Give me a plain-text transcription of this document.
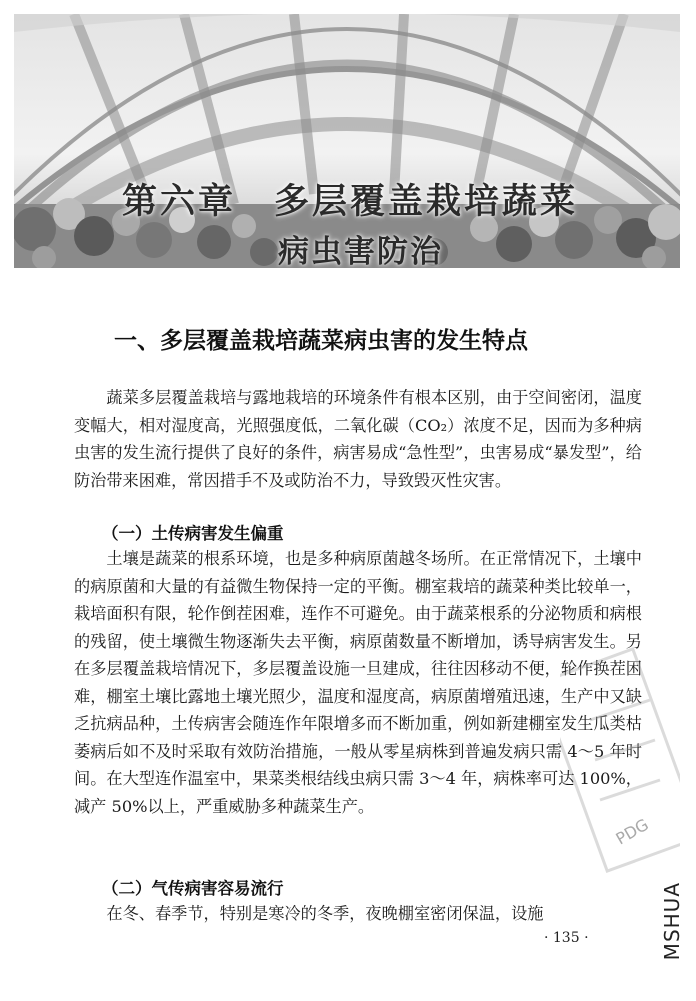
第六章　多层覆盖栽培蔬菜
病虫害防治
一、多层覆盖栽培蔬菜病虫害的发生特点

蔬菜多层覆盖栽培与露地栽培的环境条件有根本区别，由于空间密闭，温度变幅大，相对湿度高，光照强度低，二氧化碳（CO₂）浓度不足，因而为多种病虫害的发生流行提供了良好的条件，病害易成“急性型”，虫害易成“暴发型”，给防治带来困难，常因措手不及或防治不力，导致毁灭性灾害。

（一）土传病害发生偏重

土壤是蔬菜的根系环境，也是多种病原菌越冬场所。在正常情况下，土壤中的病原菌和大量的有益微生物保持一定的平衡。棚室栽培的蔬菜种类比较单一，栽培面积有限，轮作倒茬困难，连作不可避免。由于蔬菜根系的分泌物质和病根的残留，使土壤微生物逐渐失去平衡，病原菌数量不断增加，诱导病害发生。另在多层覆盖栽培情况下，多层覆盖设施一旦建成，往往因移动不便，轮作换茬困难，棚室土壤比露地土壤光照少，温度和湿度高，病原菌增殖迅速，生产中又缺乏抗病品种，土传病害会随连作年限增多而不断加重，例如新建棚室发生瓜类枯萎病后如不及时采取有效防治措施，一般从零星病株到普遍发病只需 4～5 年时间。在大型连作温室中，果菜类根结线虫病只需 3～4 年，病株率可达 100%，减产 50%以上，严重威胁多种蔬菜生产。

（二）气传病害容易流行

在冬、春季节，特别是寒冷的冬季，夜晚棚室密闭保温，设施

· 135 ·
PDG
MSHUA
